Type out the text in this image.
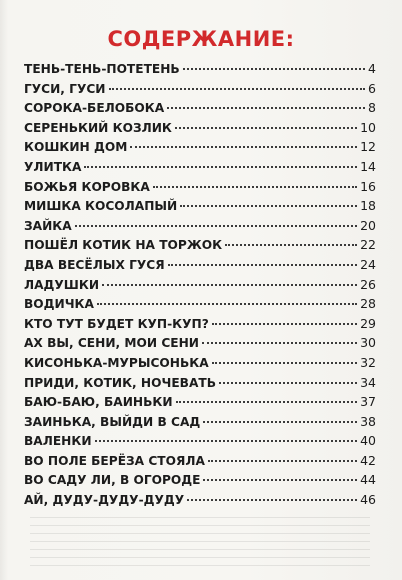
СОДЕРЖАНИЕ:
ТЕНЬ-ТЕНЬ-ПОТЕТЕНЬ	4
ГУСИ, ГУСИ	6
СОРОКА-БЕЛОБОКА	8
СЕРЕНЬКИЙ КОЗЛИК	10
КОШКИН ДОМ	12
УЛИТКА	14
БОЖЬЯ КОРОВКА	16
МИШКА КОСОЛАПЫЙ	18
ЗАЙКА	20
ПОШЁЛ КОТИК НА ТОРЖОК	22
ДВА ВЕСЁЛЫХ ГУСЯ	24
ЛАДУШКИ	26
ВОДИЧКА	28
КТО ТУТ БУДЕТ КУП-КУП?	29
АХ ВЫ, СЕНИ, МОИ СЕНИ	30
КИСОНЬКА-МУРЫСОНЬКА	32
ПРИДИ, КОТИК, НОЧЕВАТЬ	34
БАЮ-БАЮ, БАИНЬКИ	37
ЗАИНЬКА, ВЫЙДИ В САД	38
ВАЛЕНКИ	40
ВО ПОЛЕ БЕРЁЗА СТОЯЛА	42
ВО САДУ ЛИ, В ОГОРОДЕ	44
АЙ, ДУДУ-ДУДУ-ДУДУ	46
